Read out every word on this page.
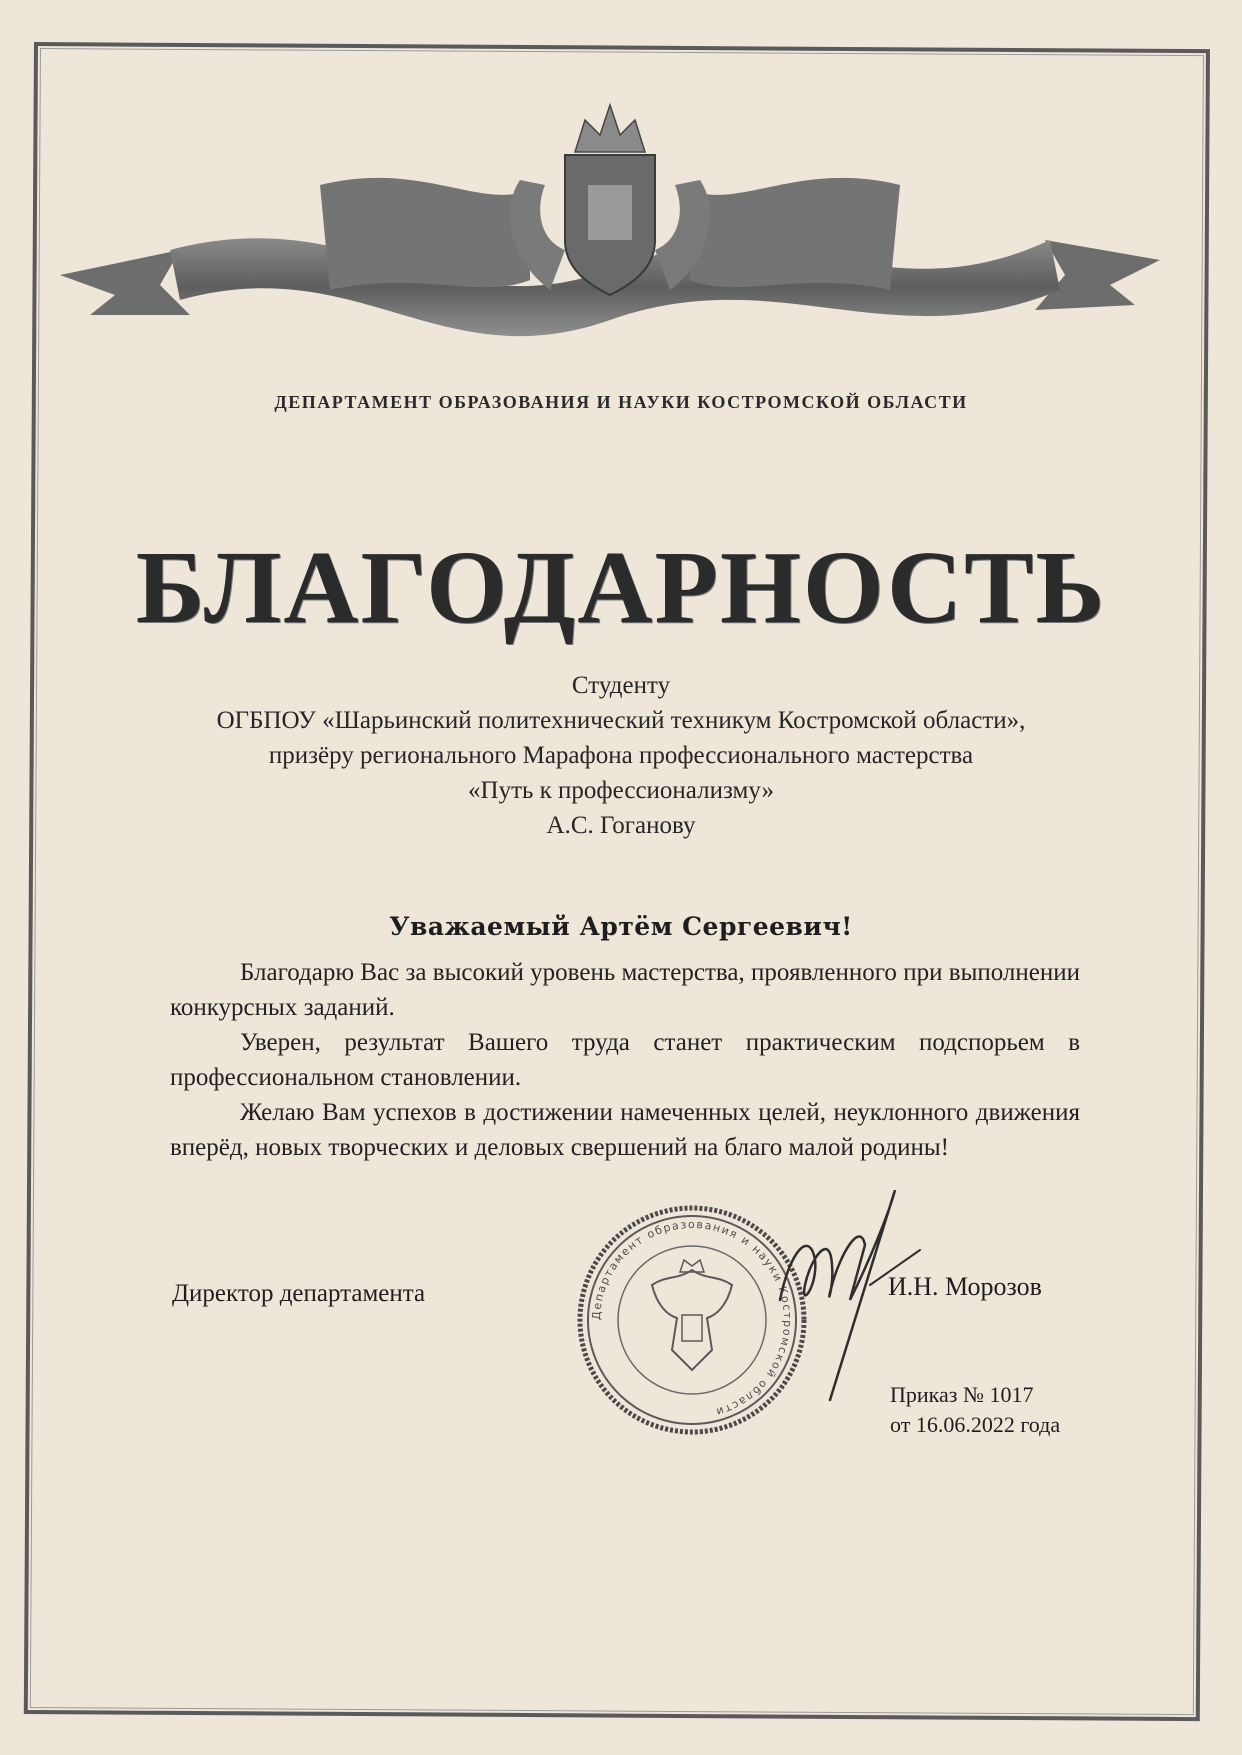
ДЕПАРТАМЕНТ ОБРАЗОВАНИЯ И НАУКИ КОСТРОМСКОЙ ОБЛАСТИ
БЛАГОДАРНОСТЬ
Студенту
ОГБПОУ «Шарьинский политехнический техникум Костромской области»,
призёру регионального Марафона профессионального мастерства
«Путь к профессионализму»
А.С. Гоганову
Уважаемый Артём Сергеевич!

Благодарю Вас за высокий уровень мастерства, проявленного при выполнении конкурсных заданий.

Уверен, результат Вашего труда станет практическим подспорьем в профессиональном становлении.

Желаю Вам успехов в достижении намеченных целей, неуклонного движения вперёд, новых творческих и деловых свершений на благо малой родины!

Директор департамента
Департамент образования и науки Костромской области
И.Н. Морозов
Приказ № 1017
от 16.06.2022 года
